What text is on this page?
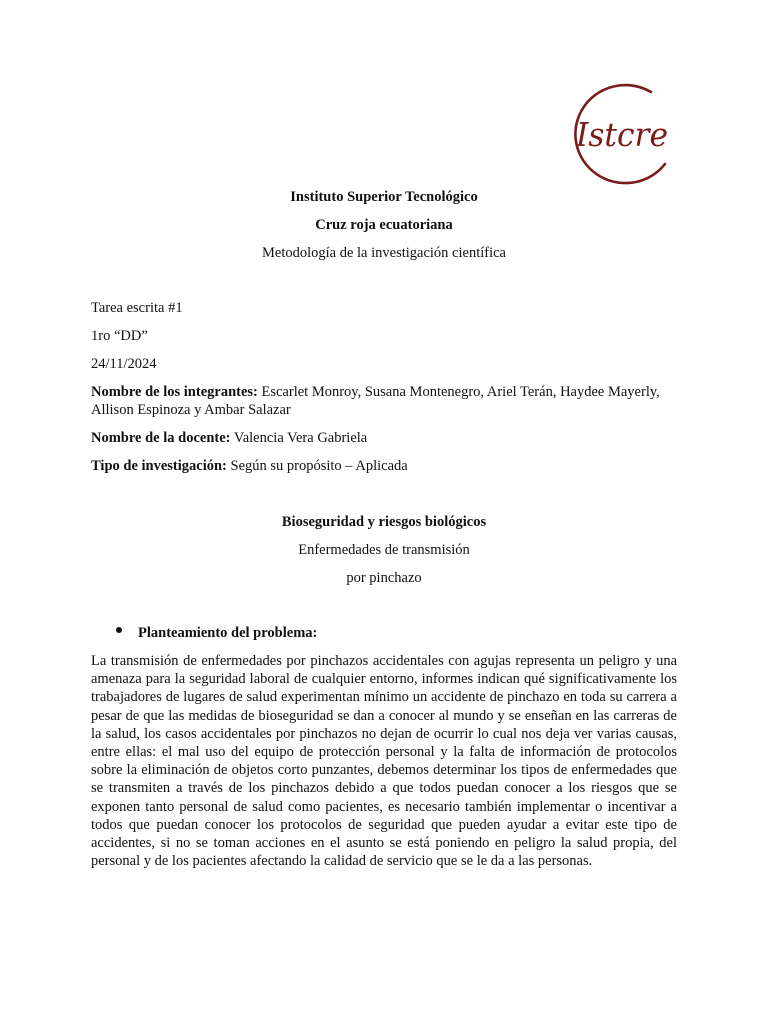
Istcre
Instituto Superior Tecnológico
Cruz roja ecuatoriana
Metodología de la investigación científica
Tarea escrita #1
1ro “DD”
24/11/2024
Nombre de los integrantes: Escarlet Monroy, Susana Montenegro, Ariel Terán, Haydee Mayerly, Allison Espinoza y Ambar Salazar
Nombre de la docente: Valencia Vera Gabriela
Tipo de investigación: Según su propósito – Aplicada
Bioseguridad y riesgos biológicos
Enfermedades de transmisión
por pinchazo
Planteamiento del problema:
La transmisión de enfermedades por pinchazos accidentales con agujas representa un peligro y una amenaza para la seguridad laboral de cualquier entorno, informes indican qué significativamente los trabajadores de lugares de salud experimentan mínimo un accidente de pinchazo en toda su carrera a pesar de que las medidas de bioseguridad se dan a conocer al mundo y se enseñan en las carreras de la salud, los casos accidentales por pinchazos no dejan de ocurrir lo cual nos deja ver varias causas, entre ellas: el mal uso del equipo de protección personal y la falta de información de protocolos sobre la eliminación de objetos corto punzantes, debemos determinar los tipos de enfermedades que se transmiten a través de los pinchazos debido a que todos puedan conocer a los riesgos que se exponen tanto personal de salud como pacientes, es necesario también implementar o incentivar a todos que puedan conocer los protocolos de seguridad que pueden ayudar a evitar este tipo de accidentes, si no se toman acciones en el asunto se está poniendo en peligro la salud propia, del personal y de los pacientes afectando la calidad de servicio que se le da a las personas.
